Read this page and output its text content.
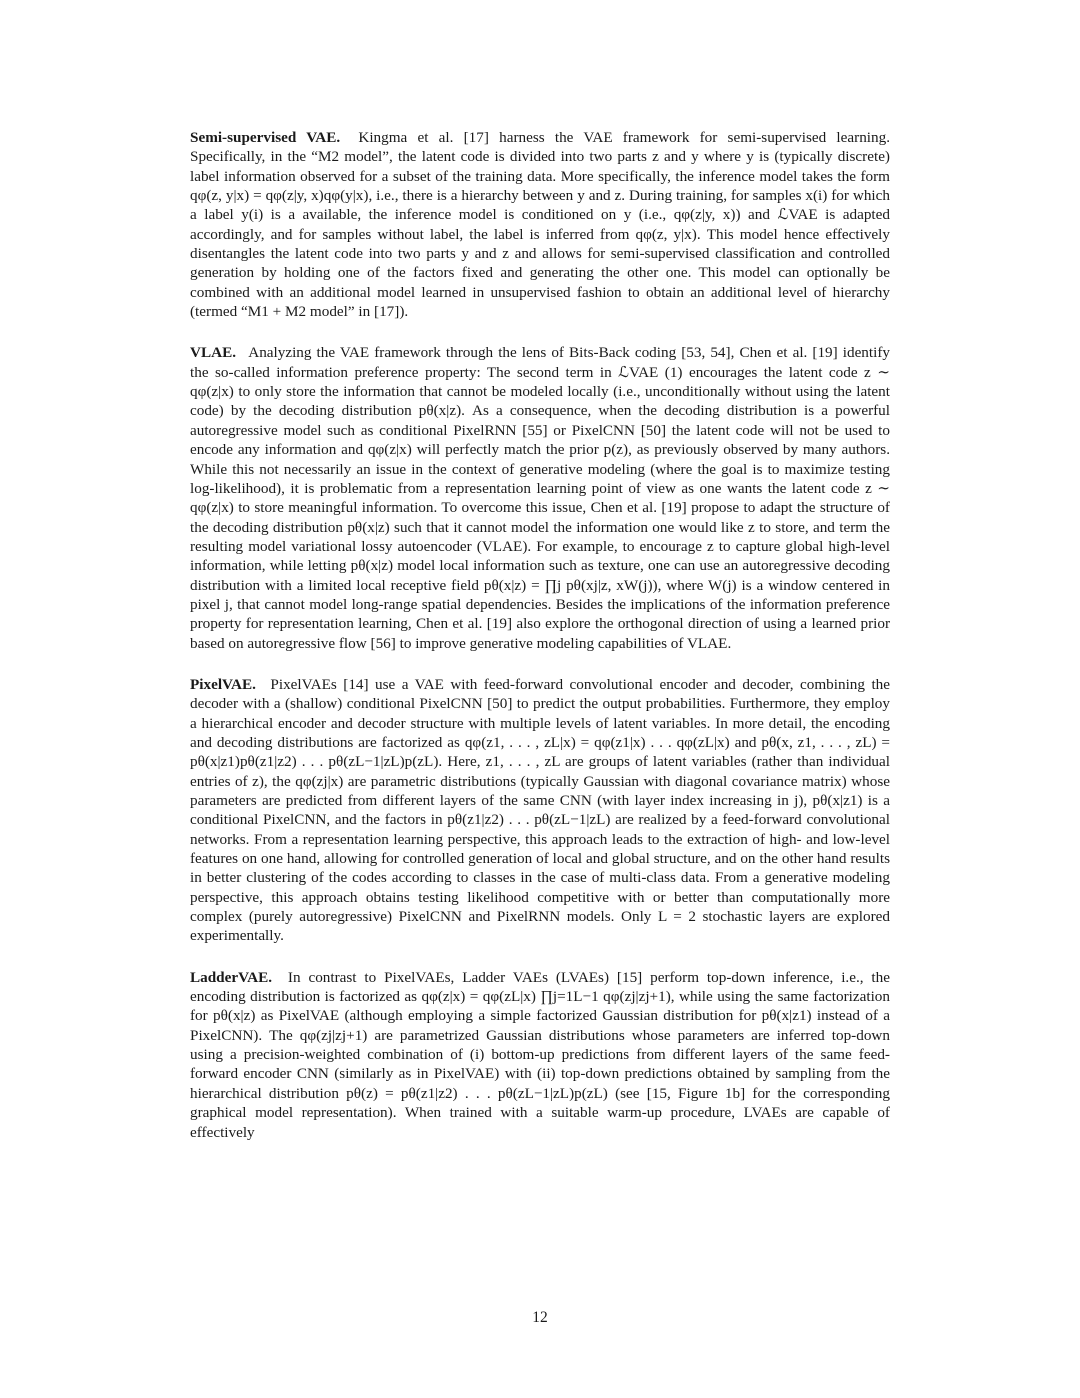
Semi-supervised VAE. Kingma et al. [17] harness the VAE framework for semi-supervised learning. Specifically, in the “M2 model”, the latent code is divided into two parts z and y where y is (typically discrete) label information observed for a subset of the training data. More specifically, the inference model takes the form qφ(z, y|x) = qφ(z|y, x)qφ(y|x), i.e., there is a hierarchy between y and z. During training, for samples x(i) for which a label y(i) is a available, the inference model is conditioned on y (i.e., qφ(z|y, x)) and ℒVAE is adapted accordingly, and for samples without label, the label is inferred from qφ(z, y|x). This model hence effectively disentangles the latent code into two parts y and z and allows for semi-supervised classification and controlled generation by holding one of the factors fixed and generating the other one. This model can optionally be combined with an additional model learned in unsupervised fashion to obtain an additional level of hierarchy (termed “M1 + M2 model” in [17]).

VLAE. Analyzing the VAE framework through the lens of Bits-Back coding [53, 54], Chen et al. [19] identify the so-called information preference property: The second term in ℒVAE (1) encourages the latent code z ∼ qφ(z|x) to only store the information that cannot be modeled locally (i.e., unconditionally without using the latent code) by the decoding distribution pθ(x|z). As a consequence, when the decoding distribution is a powerful autoregressive model such as conditional PixelRNN [55] or PixelCNN [50] the latent code will not be used to encode any information and qφ(z|x) will perfectly match the prior p(z), as previously observed by many authors. While this not necessarily an issue in the context of generative modeling (where the goal is to maximize testing log-likelihood), it is problematic from a representation learning point of view as one wants the latent code z ∼ qφ(z|x) to store meaningful information. To overcome this issue, Chen et al. [19] propose to adapt the structure of the decoding distribution pθ(x|z) such that it cannot model the information one would like z to store, and term the resulting model variational lossy autoencoder (VLAE). For example, to encourage z to capture global high-level information, while letting pθ(x|z) model local information such as texture, one can use an autoregressive decoding distribution with a limited local receptive field pθ(x|z) = ∏j pθ(xj|z, xW(j)), where W(j) is a window centered in pixel j, that cannot model long-range spatial dependencies. Besides the implications of the information preference property for representation learning, Chen et al. [19] also explore the orthogonal direction of using a learned prior based on autoregressive flow [56] to improve generative modeling capabilities of VLAE.

PixelVAE. PixelVAEs [14] use a VAE with feed-forward convolutional encoder and decoder, combining the decoder with a (shallow) conditional PixelCNN [50] to predict the output probabilities. Furthermore, they employ a hierarchical encoder and decoder structure with multiple levels of latent variables. In more detail, the encoding and decoding distributions are factorized as qφ(z1, . . . , zL|x) = qφ(z1|x) . . . qφ(zL|x) and pθ(x, z1, . . . , zL) = pθ(x|z1)pθ(z1|z2) . . . pθ(zL−1|zL)p(zL). Here, z1, . . . , zL are groups of latent variables (rather than individual entries of z), the qφ(zj|x) are parametric distributions (typically Gaussian with diagonal covariance matrix) whose parameters are predicted from different layers of the same CNN (with layer index increasing in j), pθ(x|z1) is a conditional PixelCNN, and the factors in pθ(z1|z2) . . . pθ(zL−1|zL) are realized by a feed-forward convolutional networks. From a representation learning perspective, this approach leads to the extraction of high- and low-level features on one hand, allowing for controlled generation of local and global structure, and on the other hand results in better clustering of the codes according to classes in the case of multi-class data. From a generative modeling perspective, this approach obtains testing likelihood competitive with or better than computationally more complex (purely autoregressive) PixelCNN and PixelRNN models. Only L = 2 stochastic layers are explored experimentally.

LadderVAE. In contrast to PixelVAEs, Ladder VAEs (LVAEs) [15] perform top-down inference, i.e., the encoding distribution is factorized as qφ(z|x) = qφ(zL|x) ∏j=1L−1 qφ(zj|zj+1), while using the same factorization for pθ(x|z) as PixelVAE (although employing a simple factorized Gaussian distribution for pθ(x|z1) instead of a PixelCNN). The qφ(zj|zj+1) are parametrized Gaussian distributions whose parameters are inferred top-down using a precision-weighted combination of (i) bottom-up predictions from different layers of the same feed-forward encoder CNN (similarly as in PixelVAE) with (ii) top-down predictions obtained by sampling from the hierarchical distribution pθ(z) = pθ(z1|z2) . . . pθ(zL−1|zL)p(zL) (see [15, Figure 1b] for the corresponding graphical model representation). When trained with a suitable warm-up procedure, LVAEs are capable of effectively

12
